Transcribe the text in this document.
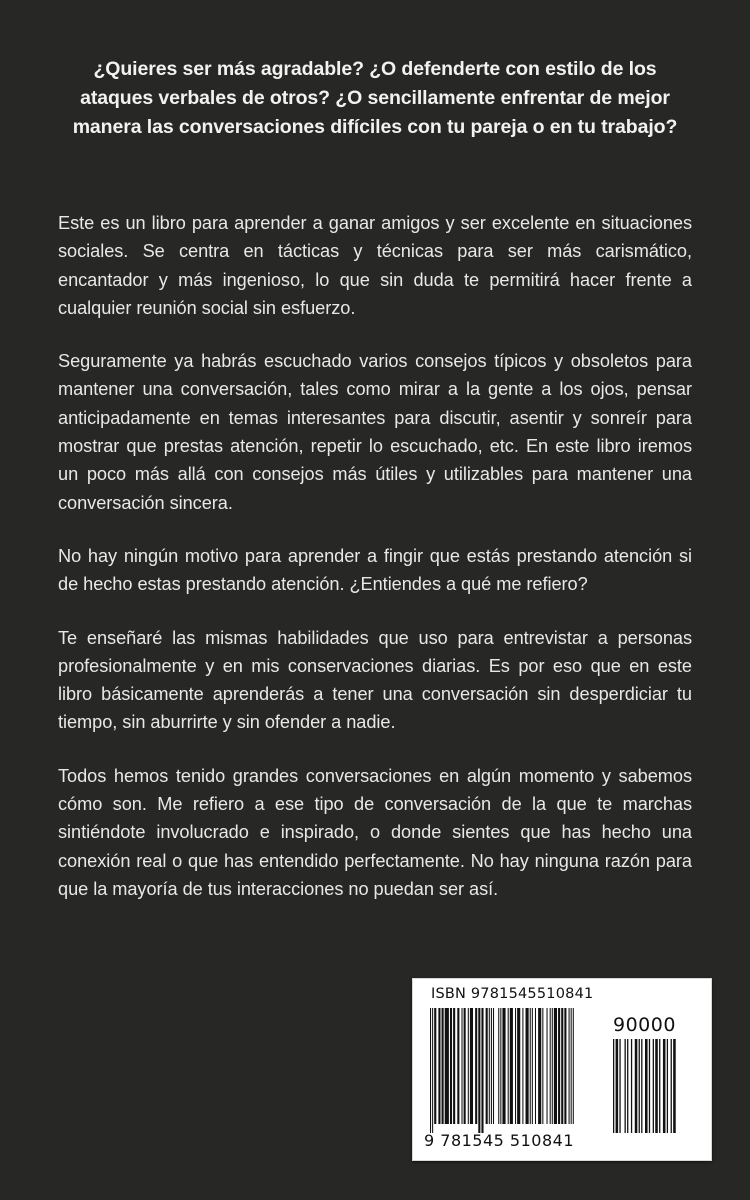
¿Quieres ser más agradable? ¿O defenderte con estilo de los ataques verbales de otros? ¿O sencillamente enfrentar de mejor manera las conversaciones difíciles con tu pareja o en tu trabajo?

Este es un libro para aprender a ganar amigos y ser excelente en situaciones sociales. Se centra en tácticas y técnicas para ser más carismático, encantador y más ingenioso, lo que sin duda te permitirá hacer frente a cualquier reunión social sin esfuerzo.

Seguramente ya habrás escuchado varios consejos típicos y obsoletos para mantener una conversación, tales como mirar a la gente a los ojos, pensar anticipadamente en temas interesantes para discutir, asentir y sonreír para mostrar que prestas atención, repetir lo escuchado, etc. En este libro iremos un poco más allá con consejos más útiles y utilizables para mantener una conversación sincera.

No hay ningún motivo para aprender a fingir que estás prestando atención si de hecho estas prestando atención. ¿Entiendes a qué me refiero?

Te enseñaré las mismas habilidades que uso para entrevistar a personas profesionalmente y en mis conservaciones diarias. Es por eso que en este libro básicamente aprenderás a tener una conversación sin desperdiciar tu tiempo, sin aburrirte y sin ofender a nadie.

Todos hemos tenido grandes conversaciones en algún momento y sabemos cómo son. Me refiero a ese tipo de conversación de la que te marchas sintiéndote involucrado e inspirado, o donde sientes que has hecho una conexión real o que has entendido perfectamente. No hay ninguna razón para que la mayoría de tus interacciones no puedan ser así.

ISBN 9781545510841
9 781545 510841
90000
